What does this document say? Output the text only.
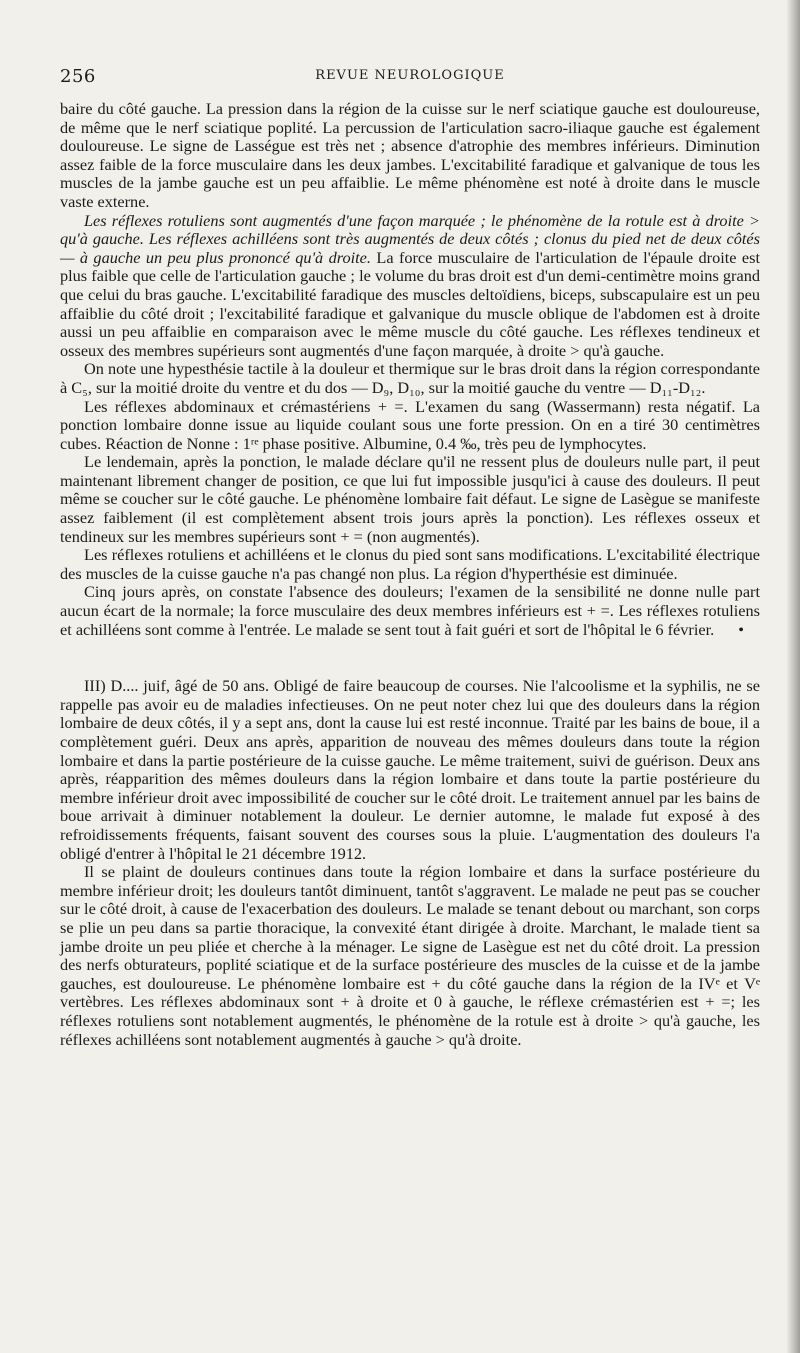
256	REVUE NEUROLOGIQUE

baire du côté gauche. La pression dans la région de la cuisse sur le nerf sciatique gauche est douloureuse, de même que le nerf sciatique poplité. La percussion de l'articulation sacro-iliaque gauche est également douloureuse. Le signe de Lasségue est très net ; absence d'atrophie des membres inférieurs. Diminution assez faible de la force musculaire dans les deux jambes. L'excitabilité faradique et galvanique de tous les muscles de la jambe gauche est un peu affaiblie. Le même phénomène est noté à droite dans le muscle vaste externe.

Les réflexes rotuliens sont augmentés d'une façon marquée ; le phénomène de la rotule est à droite > qu'à gauche. Les réflexes achilléens sont très augmentés de deux côtés ; clonus du pied net de deux côtés — à gauche un peu plus prononcé qu'à droite. La force musculaire de l'articulation de l'épaule droite est plus faible que celle de l'articulation gauche ; le volume du bras droit est d'un demi-centimètre moins grand que celui du bras gauche. L'excitabilité faradique des muscles deltoïdiens, biceps, subscapulaire est un peu affaiblie du côté droit ; l'excitabilité faradique et galvanique du muscle oblique de l'abdomen est à droite aussi un peu affaiblie en comparaison avec le même muscle du côté gauche. Les réflexes tendineux et osseux des membres supérieurs sont augmentés d'une façon marquée, à droite > qu'à gauche.

On note une hypesthésie tactile à la douleur et thermique sur le bras droit dans la région correspondante à C₅, sur la moitié droite du ventre et du dos — D₉, D₁₀, sur la moitié gauche du ventre — D₁₁-D₁₂.

Les réflexes abdominaux et crémastériens + =. L'examen du sang (Wassermann) resta négatif. La ponction lombaire donne issue au liquide coulant sous une forte pression. On en a tiré 30 centimètres cubes. Réaction de Nonne : 1ʳᵉ phase positive. Albumine, 0.4 ‰, très peu de lymphocytes.

Le lendemain, après la ponction, le malade déclare qu'il ne ressent plus de douleurs nulle part, il peut maintenant librement changer de position, ce que lui fut impossible jusqu'ici à cause des douleurs. Il peut même se coucher sur le côté gauche. Le phénomène lombaire fait défaut. Le signe de Lasègue se manifeste assez faiblement (il est complètement absent trois jours après la ponction). Les réflexes osseux et tendineux sur les membres supérieurs sont + = (non augmentés).

Les réflexes rotuliens et achilléens et le clonus du pied sont sans modifications. L'excitabilité électrique des muscles de la cuisse gauche n'a pas changé non plus. La région d'hyperthésie est diminuée.

Cinq jours après, on constate l'absence des douleurs; l'examen de la sensibilité ne donne nulle part aucun écart de la normale; la force musculaire des deux membres inférieurs est + =. Les réflexes rotuliens et achilléens sont comme à l'entrée. Le malade se sent tout à fait guéri et sort de l'hôpital le 6 février.	•

III) D.... juif, âgé de 50 ans. Obligé de faire beaucoup de courses. Nie l'alcoolisme et la syphilis, ne se rappelle pas avoir eu de maladies infectieuses. On ne peut noter chez lui que des douleurs dans la région lombaire de deux côtés, il y a sept ans, dont la cause lui est resté inconnue. Traité par les bains de boue, il a complètement guéri. Deux ans après, apparition de nouveau des mêmes douleurs dans toute la région lombaire et dans la partie postérieure de la cuisse gauche. Le même traitement, suivi de guérison. Deux ans après, réapparition des mêmes douleurs dans la région lombaire et dans toute la partie postérieure du membre inférieur droit avec impossibilité de coucher sur le côté droit. Le traitement annuel par les bains de boue arrivait à diminuer notablement la douleur. Le dernier automne, le malade fut exposé à des refroidissements fréquents, faisant souvent des courses sous la pluie. L'augmentation des douleurs l'a obligé d'entrer à l'hôpital le 21 décembre 1912.

Il se plaint de douleurs continues dans toute la région lombaire et dans la surface postérieure du membre inférieur droit; les douleurs tantôt diminuent, tantôt s'aggravent. Le malade ne peut pas se coucher sur le côté droit, à cause de l'exacerbation des douleurs. Le malade se tenant debout ou marchant, son corps se plie un peu dans sa partie thoracique, la convexité étant dirigée à droite. Marchant, le malade tient sa jambe droite un peu pliée et cherche à la ménager. Le signe de Lasègue est net du côté droit. La pression des nerfs obturateurs, poplité sciatique et de la surface postérieure des muscles de la cuisse et de la jambe gauches, est douloureuse. Le phénomène lombaire est + du côté gauche dans la région de la IVᵉ et Vᵉ vertèbres. Les réflexes abdominaux sont + à droite et 0 à gauche, le réflexe crémastérien est + =; les réflexes rotuliens sont notablement augmentés, le phénomène de la rotule est à droite > qu'à gauche, les réflexes achilléens sont notablement augmentés à gauche > qu'à droite.
